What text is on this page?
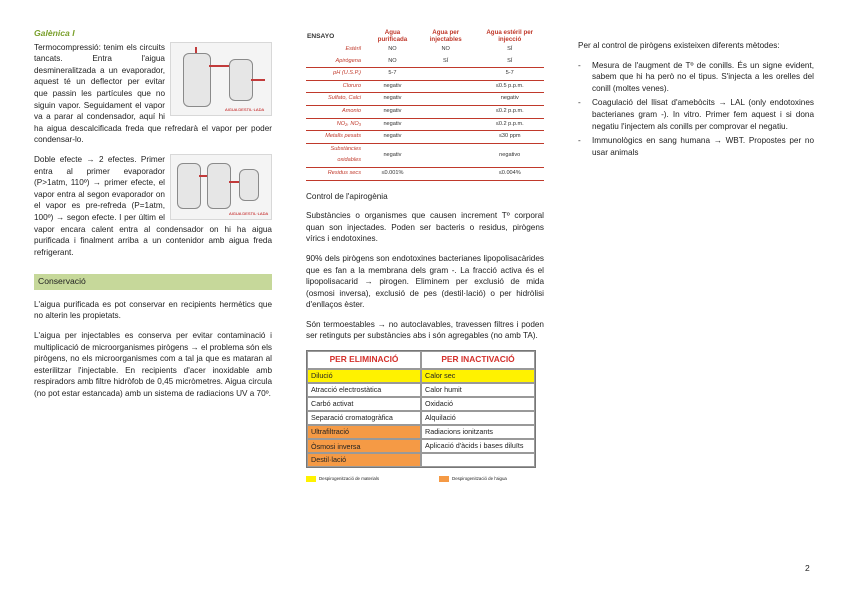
Galènica I
AIGUA DESTIL·LADA

Termocompressió: tenim els circuits tancats. Entra l'aigua desmineralitzada a un evaporador, aquest té un deflector per evitar que passin les partícules que no siguin vapor. Seguidament el vapor va a parar al condensador, aquí hi ha aigua descalcificada freda que refredarà el vapor per poder condensar-lo.

AIGUA DESTIL·LADA

Doble efecte → 2 efectes. Primer entra al primer evaporador (P>1atm, 110º) → primer efecte, el vapor entra al segon evaporador on el vapor es pre-refreda (P=1atm, 100º) → segon efecte. I per últim el vapor encara calent entra al condensador on hi ha aigua purificada i finalment arriba a un contenidor amb aigua freda refrigerant.

Conservació

L'aigua purificada es pot conservar en recipients hermètics que no alterin les propietats.

L'aigua per injectables es conserva per evitar contaminació i multiplicació de microorganismes pirògens → el problema són els pirògens, no els microorganismes com a tal ja que es mataran al esterilitzar l'injectable. En recipients d'acer inoxidable amb respiradors amb filtre hidròfob de 0,45 micròmetres. Aigua circula (no pot estar estancada) amb un sistema de radiacions UV a 70º.

ENSAYO	Agua purificada	Agua per injectables	Agua estéril per injecció
Estéril	NO	NO	SÍ
Apirógena	NO	SÍ	SÍ
pH (U.S.P.)	5-7		5-7
Cloruro	negativ		≤0.5 p.p.m.
Sulfato, Calci	negativ		negativ
Amonio	negativ		≤0.2 p.p.m.
NO₂, NO₃	negativ		≤0.2 p.p.m.
Metalls pesats	negativ		≤30 ppm
Substàncies oxidables	negativ		negativo
Residus secs	≤0.001%		≤0.004%

Control de l'apirogènia

Substàncies o organismes que causen increment Tº corporal quan son injectades. Poden ser bacteris o residus, pirògens vírics i endotoxines.

90% dels pirògens son endotoxines bacterianes lipopolisacàrides que es fan a la membrana dels gram -. La fracció activa és el lipopolisacarid → pirogen. Eliminem per exclusió de mida (osmosi inversa), exclusió de pes (destil·lació) o per hidròlisi d'enllaços èster.

Són termoestables → no autoclavables, travessen filtres i poden ser retinguts per substàncies abs i són agregables (no amb TA).

PER ELIMINACIÓ	PER INACTIVACIÓ
Dilució	Calor sec
Atracció electrostàtica	Calor humit
Carbó activat	Oxidació
Separació cromatogràfica	Alquilació
Ultrafiltració	Radiacions ionitzants
Òsmosi inversa	Aplicació d'àcids i bases diluïts
Destil·lació
Despirogenització de materials	Despirogenització de l'aigua

Per al control de pirògens existeixen diferents mètodes:

- Mesura de l'augment de Tº de conills. És un signe evident, sabem que hi ha però no el tipus. S'injecta a les orelles del conill (moltes venes).
- Coagulació del llisat d'amebòcits → LAL (only endotoxines bacterianes gram -). In vitro. Primer fem aquest i si dona negatiu l'injectem als conills per comprovar el negatiu.
- Immunològics en sang humana → WBT. Propostes per no usar animals
2
